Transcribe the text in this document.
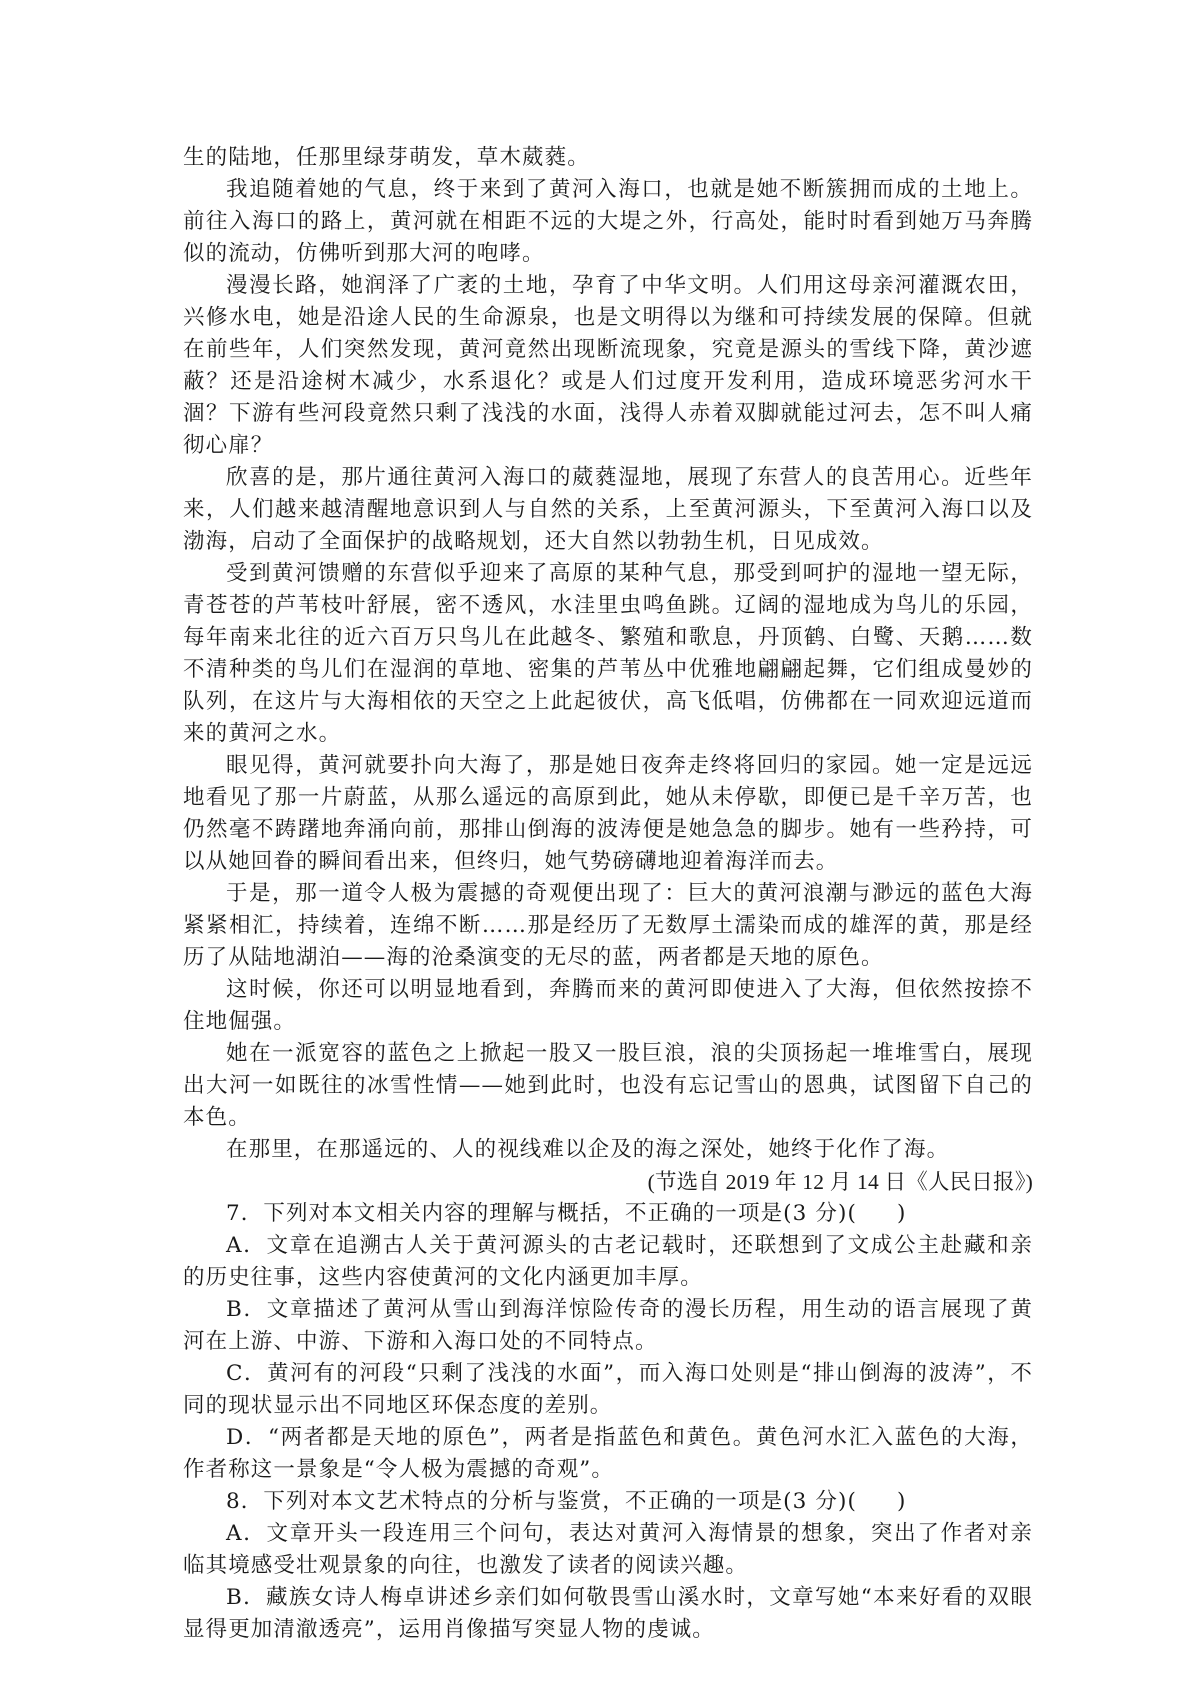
生的陆地，任那里绿芽萌发，草木葳蕤。

我追随着她的气息，终于来到了黄河入海口，也就是她不断簇拥而成的土地上。前往入海口的路上，黄河就在相距不远的大堤之外，行高处，能时时看到她万马奔腾似的流动，仿佛听到那大河的咆哮。

漫漫长路，她润泽了广袤的土地，孕育了中华文明。人们用这母亲河灌溉农田，兴修水电，她是沿途人民的生命源泉，也是文明得以为继和可持续发展的保障。但就在前些年，人们突然发现，黄河竟然出现断流现象，究竟是源头的雪线下降，黄沙遮蔽？还是沿途树木减少，水系退化？或是人们过度开发利用，造成环境恶劣河水干涸？下游有些河段竟然只剩了浅浅的水面，浅得人赤着双脚就能过河去，怎不叫人痛彻心扉？

欣喜的是，那片通往黄河入海口的葳蕤湿地，展现了东营人的良苦用心。近些年来，人们越来越清醒地意识到人与自然的关系，上至黄河源头，下至黄河入海口以及渤海，启动了全面保护的战略规划，还大自然以勃勃生机，日见成效。

受到黄河馈赠的东营似乎迎来了高原的某种气息，那受到呵护的湿地一望无际，青苍苍的芦苇枝叶舒展，密不透风，水洼里虫鸣鱼跳。辽阔的湿地成为鸟儿的乐园，每年南来北往的近六百万只鸟儿在此越冬、繁殖和歌息，丹顶鹤、白鹭、天鹅……数不清种类的鸟儿们在湿润的草地、密集的芦苇丛中优雅地翩翩起舞，它们组成曼妙的队列，在这片与大海相依的天空之上此起彼伏，高飞低唱，仿佛都在一同欢迎远道而来的黄河之水。

眼见得，黄河就要扑向大海了，那是她日夜奔走终将回归的家园。她一定是远远地看见了那一片蔚蓝，从那么遥远的高原到此，她从未停歇，即便已是千辛万苦，也仍然毫不踌躇地奔涌向前，那排山倒海的波涛便是她急急的脚步。她有一些矜持，可以从她回眷的瞬间看出来，但终归，她气势磅礴地迎着海洋而去。

于是，那一道令人极为震撼的奇观便出现了：巨大的黄河浪潮与渺远的蓝色大海紧紧相汇，持续着，连绵不断……那是经历了无数厚土濡染而成的雄浑的黄，那是经历了从陆地湖泊——海的沧桑演变的无尽的蓝，两者都是天地的原色。

这时候，你还可以明显地看到，奔腾而来的黄河即使进入了大海，但依然按捺不住地倔强。

她在一派宽容的蓝色之上掀起一股又一股巨浪，浪的尖顶扬起一堆堆雪白，展现出大河一如既往的冰雪性情——她到此时，也没有忘记雪山的恩典，试图留下自己的本色。

在那里，在那遥远的、人的视线难以企及的海之深处，她终于化作了海。

(节选自 2019 年 12 月 14 日《人民日报》)

7．下列对本文相关内容的理解与概括，不正确的一项是(3 分)( )

A．文章在追溯古人关于黄河源头的古老记载时，还联想到了文成公主赴藏和亲的历史往事，这些内容使黄河的文化内涵更加丰厚。

B．文章描述了黄河从雪山到海洋惊险传奇的漫长历程，用生动的语言展现了黄河在上游、中游、下游和入海口处的不同特点。

C．黄河有的河段“只剩了浅浅的水面”，而入海口处则是“排山倒海的波涛”，不同的现状显示出不同地区环保态度的差别。

D．“两者都是天地的原色”，两者是指蓝色和黄色。黄色河水汇入蓝色的大海，作者称这一景象是“令人极为震撼的奇观”。

8．下列对本文艺术特点的分析与鉴赏，不正确的一项是(3 分)( )

A．文章开头一段连用三个问句，表达对黄河入海情景的想象，突出了作者对亲临其境感受壮观景象的向往，也激发了读者的阅读兴趣。

B．藏族女诗人梅卓讲述乡亲们如何敬畏雪山溪水时，文章写她“本来好看的双眼显得更加清澈透亮”，运用肖像描写突显人物的虔诚。
